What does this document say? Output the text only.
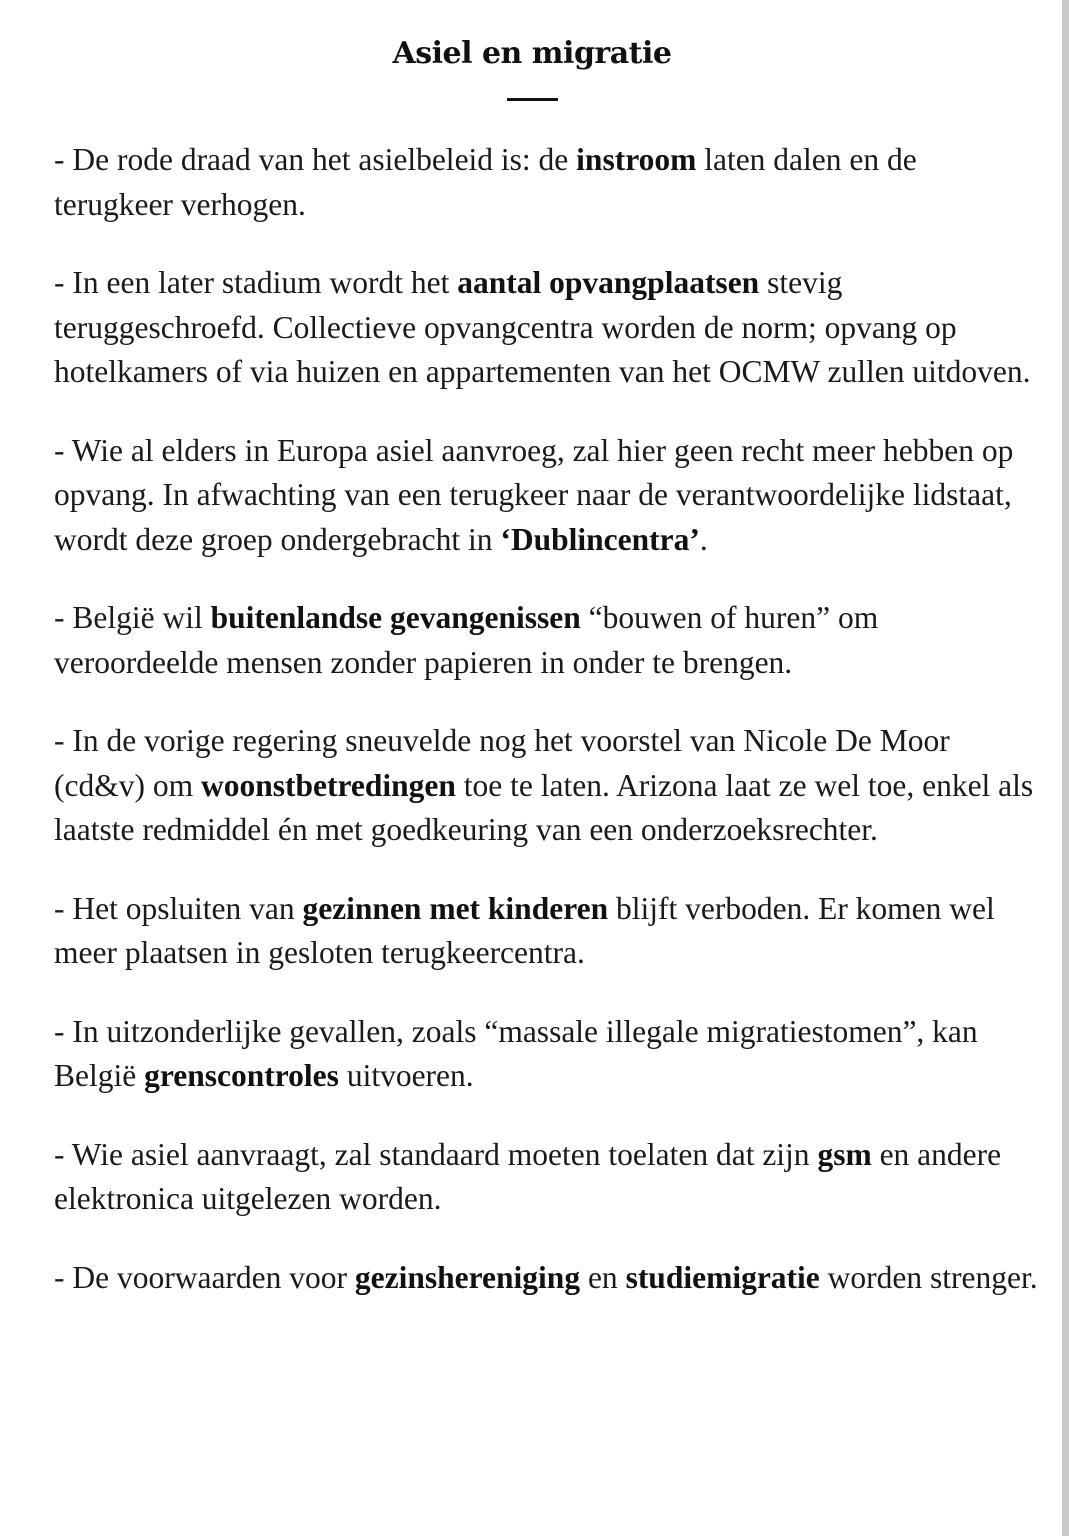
Asiel en migratie

- De rode draad van het asielbeleid is: de instroom laten dalen en de terugkeer verhogen.

- In een later stadium wordt het aantal opvangplaatsen stevig teruggeschroefd. Collectieve opvangcentra worden de norm; opvang op hotelkamers of via huizen en appartementen van het OCMW zullen uitdoven.

- Wie al elders in Europa asiel aanvroeg, zal hier geen recht meer hebben op opvang. In afwachting van een terugkeer naar de verantwoordelijke lidstaat, wordt deze groep ondergebracht in ‘Dublincentra’.

- België wil buitenlandse gevangenissen “bouwen of huren” om veroordeelde mensen zonder papieren in onder te brengen.

- In de vorige regering sneuvelde nog het voorstel van Nicole De Moor (cd&v) om woonstbetredingen toe te laten. Arizona laat ze wel toe, enkel als laatste redmiddel én met goedkeuring van een onderzoeksrechter.

- Het opsluiten van gezinnen met kinderen blijft verboden. Er komen wel meer plaatsen in gesloten terugkeercentra.

- In uitzonderlijke gevallen, zoals “massale illegale migratiestomen”, kan België grenscontroles uitvoeren.

- Wie asiel aanvraagt, zal standaard moeten toelaten dat zijn gsm en andere elektronica uitgelezen worden.

- De voorwaarden voor gezinshereniging en studiemigratie worden strenger.
